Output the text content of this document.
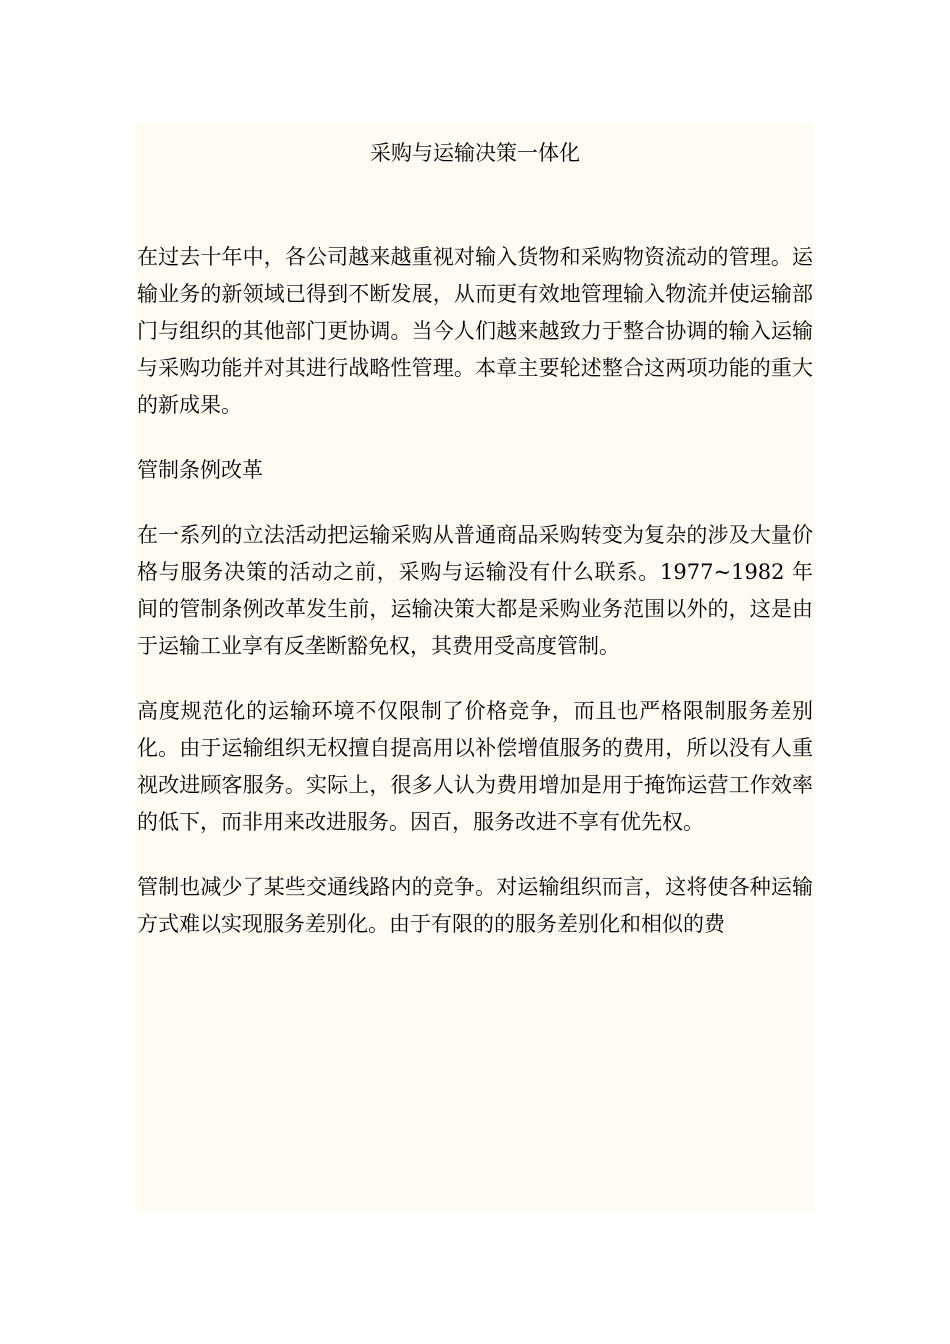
采购与运输决策一体化

在过去十年中，各公司越来越重视对输入货物和采购物资流动的管理。运输业务的新领域已得到不断发展，从而更有效地管理输入物流并使运输部门与组织的其他部门更协调。当今人们越来越致力于整合协调的输入运输与采购功能并对其进行战略性管理。本章主要轮述整合这两项功能的重大的新成果。

管制条例改革

在一系列的立法活动把运输采购从普通商品采购转变为复杂的涉及大量价格与服务决策的活动之前，采购与运输没有什么联系。1977~1982 年间的管制条例改革发生前，运输决策大都是采购业务范围以外的，这是由于运输工业享有反垄断豁免权，其费用受高度管制。

高度规范化的运输环境不仅限制了价格竞争，而且也严格限制服务差别化。由于运输组织无权擅自提高用以补偿增值服务的费用，所以没有人重视改进顾客服务。实际上，很多人认为费用增加是用于掩饰运营工作效率的低下，而非用来改进服务。因百，服务改进不享有优先权。

管制也减少了某些交通线路内的竞争。对运输组织而言，这将使各种运输方式难以实现服务差别化。由于有限的的服务差别化和相似的费
